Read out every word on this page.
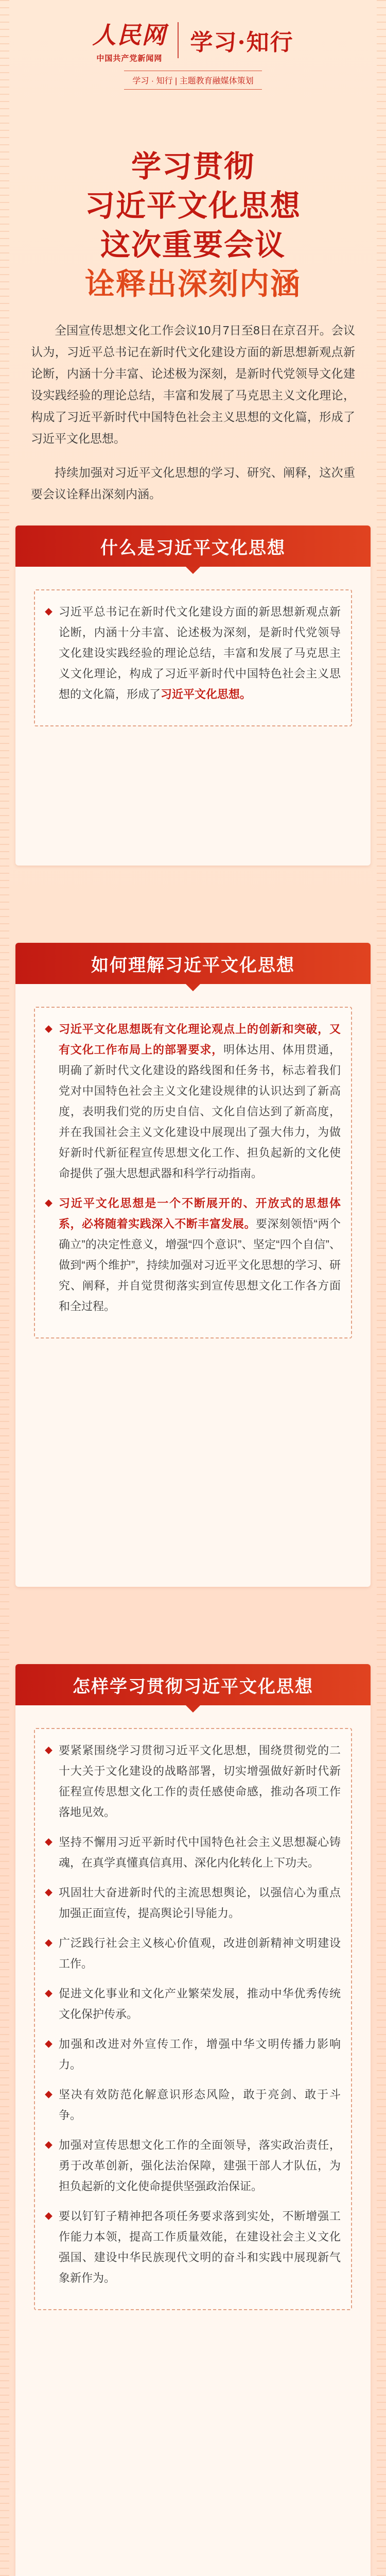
人民网
中国共产党新闻网
学习·知行
学习 · 知行 | 主题教育融媒体策划
学习贯彻
习近平文化思想
这次重要会议
诠释出深刻内涵

全国宣传思想文化工作会议10月7日至8日在京召开。会议认为，习近平总书记在新时代文化建设方面的新思想新观点新论断，内涵十分丰富、论述极为深刻，是新时代党领导文化建设实践经验的理论总结，丰富和发展了马克思主义文化理论，构成了习近平新时代中国特色社会主义思想的文化篇，形成了习近平文化思想。

持续加强对习近平文化思想的学习、研究、阐释，这次重要会议诠释出深刻内涵。

什么是习近平文化思想
习近平总书记在新时代文化建设方面的新思想新观点新论断，内涵十分丰富、论述极为深刻，是新时代党领导文化建设实践经验的理论总结，丰富和发展了马克思主义文化理论，构成了习近平新时代中国特色社会主义思想的文化篇，形成了习近平文化思想。
如何理解习近平文化思想
习近平文化思想既有文化理论观点上的创新和突破，又有文化工作布局上的部署要求，明体达用、体用贯通，明确了新时代文化建设的路线图和任务书，标志着我们党对中国特色社会主义文化建设规律的认识达到了新高度，表明我们党的历史自信、文化自信达到了新高度，并在我国社会主义文化建设中展现出了强大伟力，为做好新时代新征程宣传思想文化工作、担负起新的文化使命提供了强大思想武器和科学行动指南。
习近平文化思想是一个不断展开的、开放式的思想体系，必将随着实践深入不断丰富发展。要深刻领悟“两个确立”的决定性意义，增强“四个意识”、坚定“四个自信”、做到“两个维护”，持续加强对习近平文化思想的学习、研究、阐释，并自觉贯彻落实到宣传思想文化工作各方面和全过程。
怎样学习贯彻习近平文化思想
要紧紧围绕学习贯彻习近平文化思想，围绕贯彻党的二十大关于文化建设的战略部署，切实增强做好新时代新征程宣传思想文化工作的责任感使命感，推动各项工作落地见效。
坚持不懈用习近平新时代中国特色社会主义思想凝心铸魂，在真学真懂真信真用、深化内化转化上下功夫。
巩固壮大奋进新时代的主流思想舆论，以强信心为重点加强正面宣传，提高舆论引导能力。
广泛践行社会主义核心价值观，改进创新精神文明建设工作。
促进文化事业和文化产业繁荣发展，推动中华优秀传统文化保护传承。
加强和改进对外宣传工作，增强中华文明传播力影响力。
坚决有效防范化解意识形态风险，敢于亮剑、敢于斗争。
加强对宣传思想文化工作的全面领导，落实政治责任，勇于改革创新，强化法治保障，建强干部人才队伍，为担负起新的文化使命提供坚强政治保证。
要以钉钉子精神把各项任务要求落到实处，不断增强工作能力本领，提高工作质量效能，在建设社会主义文化强国、建设中华民族现代文明的奋斗和实践中展现新气象新作为。
